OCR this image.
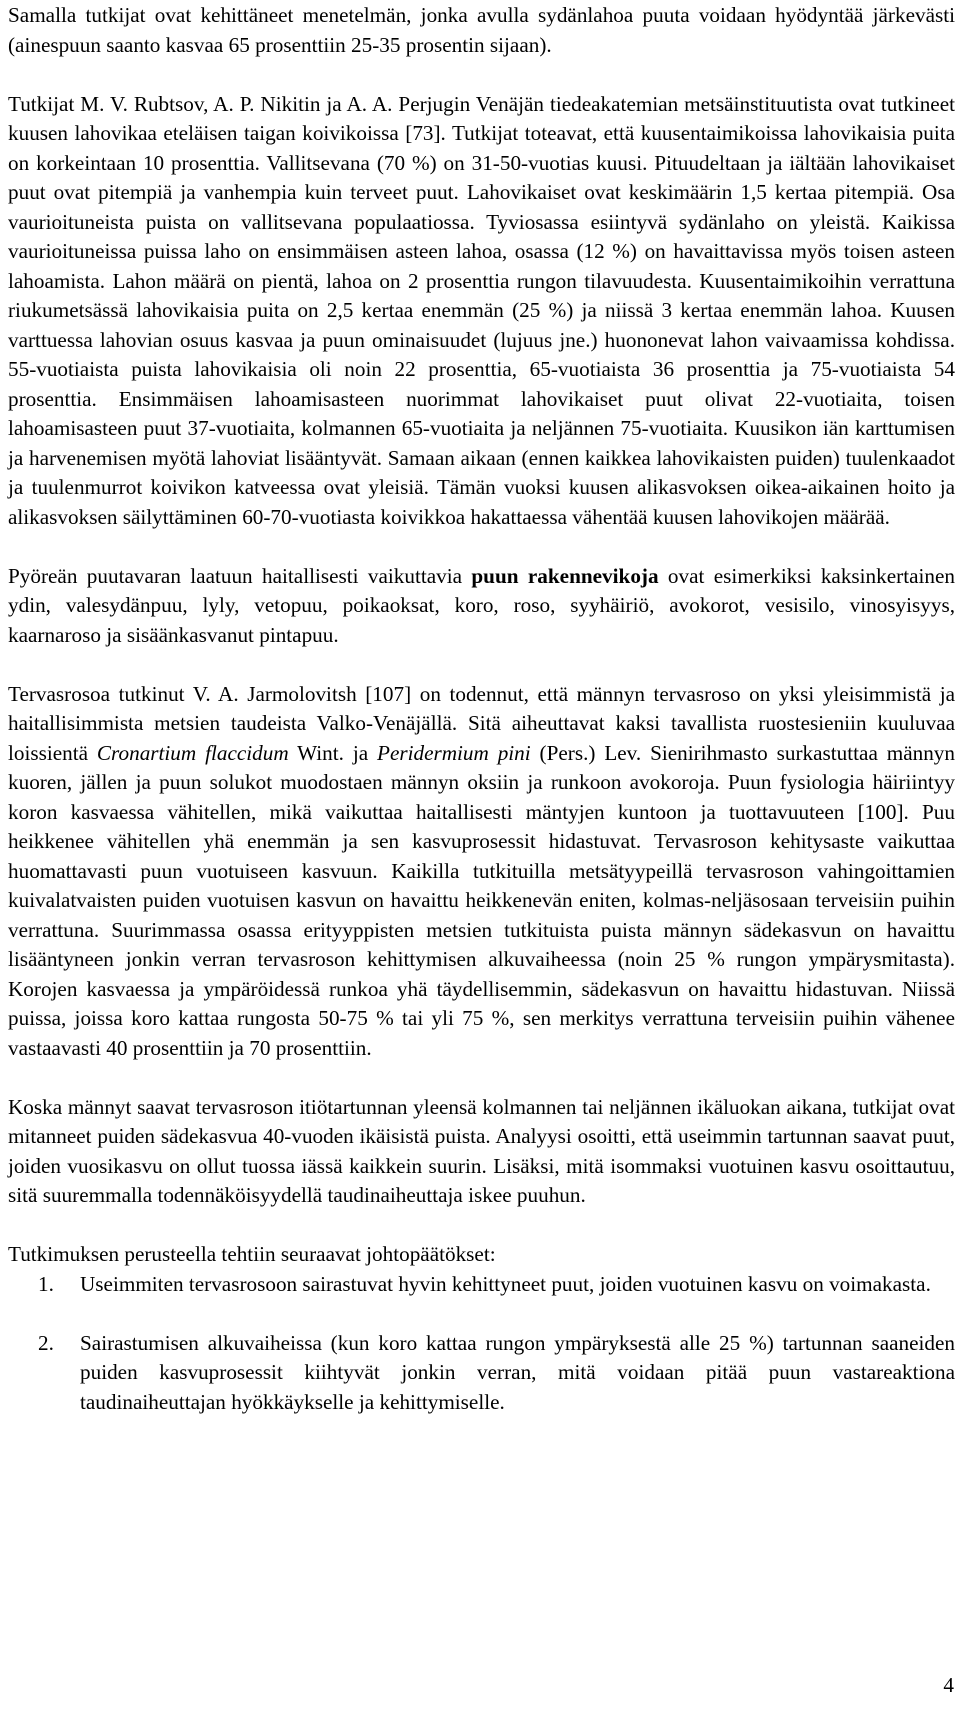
Samalla tutkijat ovat kehittäneet menetelmän, jonka avulla sydänlahoa puuta voidaan hyödyntää järkevästi (ainespuun saanto kasvaa 65 prosenttiin 25-35 prosentin sijaan).

Tutkijat M. V. Rubtsov, A. P. Nikitin ja A. A. Perjugin Venäjän tiedeakatemian metsäinstituutista ovat tutkineet kuusen lahovikaa eteläisen taigan koivikoissa [73]. Tutkijat toteavat, että kuusentaimikoissa lahovikaisia puita on korkeintaan 10 prosenttia. Vallitsevana (70 %) on 31-50-vuotias kuusi. Pituudeltaan ja iältään lahovikaiset puut ovat pitempiä ja vanhempia kuin terveet puut. Lahovikaiset ovat keskimäärin 1,5 kertaa pitempiä. Osa vaurioituneista puista on vallitsevana populaatiossa. Tyviosassa esiintyvä sydänlaho on yleistä. Kaikissa vaurioituneissa puissa laho on ensimmäisen asteen lahoa, osassa (12 %) on havaittavissa myös toisen asteen lahoamista. Lahon määrä on pientä, lahoa on 2 prosenttia rungon tilavuudesta. Kuusentaimikoihin verrattuna riukumetsässä lahovikaisia puita on 2,5 kertaa enemmän (25 %) ja niissä 3 kertaa enemmän lahoa. Kuusen varttuessa lahovian osuus kasvaa ja puun ominaisuudet (lujuus jne.) huononevat lahon vaivaamissa kohdissa. 55-vuotiaista puista lahovikaisia oli noin 22 prosenttia, 65-vuotiaista 36 prosenttia ja 75-vuotiaista 54 prosenttia. Ensimmäisen lahoamisasteen nuorimmat lahovikaiset puut olivat 22-vuotiaita, toisen lahoamisasteen puut 37-vuotiaita, kolmannen 65-vuotiaita ja neljännen 75-vuotiaita. Kuusikon iän karttumisen ja harvenemisen myötä lahoviat lisääntyvät. Samaan aikaan (ennen kaikkea lahovikaisten puiden) tuulenkaadot ja tuulenmurrot koivikon katveessa ovat yleisiä. Tämän vuoksi kuusen alikasvoksen oikea-aikainen hoito ja alikasvoksen säilyttäminen 60-70-vuotiasta koivikkoa hakattaessa vähentää kuusen lahovikojen määrää.

Pyöreän puutavaran laatuun haitallisesti vaikuttavia puun rakennevikoja ovat esimerkiksi kaksinkertainen ydin, valesydänpuu, lyly, vetopuu, poikaoksat, koro, roso, syyhäiriö, avokorot, vesisilo, vinosyisyys, kaarnaroso ja sisäänkasvanut pintapuu.

Tervasrosoa tutkinut V. A. Jarmolovitsh [107] on todennut, että männyn tervasroso on yksi yleisimmistä ja haitallisimmista metsien taudeista Valko-Venäjällä. Sitä aiheuttavat kaksi tavallista ruostesieniin kuuluvaa loissientä Cronartium flaccidum Wint. ja Peridermium pini (Pers.) Lev. Sienirihmasto surkastuttaa männyn kuoren, jällen ja puun solukot muodostaen männyn oksiin ja runkoon avokoroja. Puun fysiologia häiriintyy koron kasvaessa vähitellen, mikä vaikuttaa haitallisesti mäntyjen kuntoon ja tuottavuuteen [100]. Puu heikkenee vähitellen yhä enemmän ja sen kasvuprosessit hidastuvat. Tervasroson kehitysaste vaikuttaa huomattavasti puun vuotuiseen kasvuun. Kaikilla tutkituilla metsätyypeillä tervasroson vahingoittamien kuivalatvaisten puiden vuotuisen kasvun on havaittu heikkenevän eniten, kolmas-neljäsosaan terveisiin puihin verrattuna. Suurimmassa osassa erityyppisten metsien tutkituista puista männyn sädekasvun on havaittu lisääntyneen jonkin verran tervasroson kehittymisen alkuvaiheessa (noin 25 % rungon ympärysmitasta). Korojen kasvaessa ja ympäröidessä runkoa yhä täydellisemmin, sädekasvun on havaittu hidastuvan. Niissä puissa, joissa koro kattaa rungosta 50-75 % tai yli 75 %, sen merkitys verrattuna terveisiin puihin vähenee vastaavasti 40 prosenttiin ja 70 prosenttiin.

Koska männyt saavat tervasroson itiötartunnan yleensä kolmannen tai neljännen ikäluokan aikana, tutkijat ovat mitanneet puiden sädekasvua 40-vuoden ikäisistä puista. Analyysi osoitti, että useimmin tartunnan saavat puut, joiden vuosikasvu on ollut tuossa iässä kaikkein suurin. Lisäksi, mitä isommaksi vuotuinen kasvu osoittautuu, sitä suuremmalla todennäköisyydellä taudinaiheuttaja iskee puuhun.

Tutkimuksen perusteella tehtiin seuraavat johtopäätökset:

1. Useimmiten tervasrosoon sairastuvat hyvin kehittyneet puut, joiden vuotuinen kasvu on voimakasta.
2. Sairastumisen alkuvaiheissa (kun koro kattaa rungon ympäryksestä alle 25 %) tartunnan saaneiden puiden kasvuprosessit kiihtyvät jonkin verran, mitä voidaan pitää puun vastareaktiona taudinaiheuttajan hyökkäykselle ja kehittymiselle.
4
